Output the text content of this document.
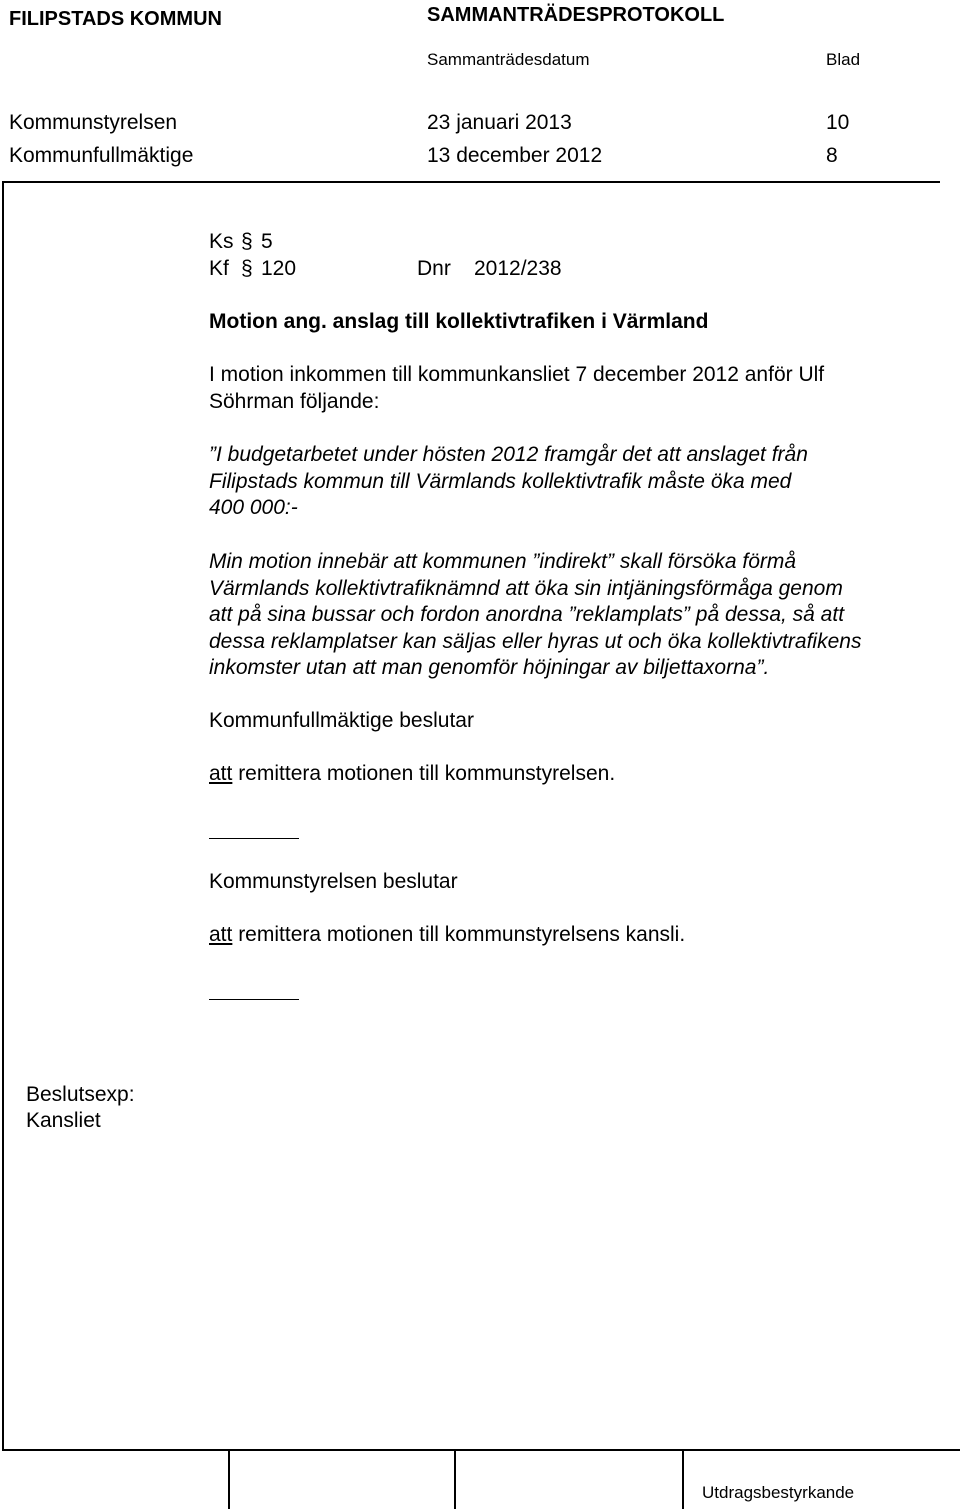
FILIPSTADS KOMMUN	SAMMANTRÄDESPROTOKOLL
Sammanträdesdatum	Blad
Kommunstyrelsen	23 januari 2013	10
Kommunfullmäktige	13 december 2012	8
Ks § 5
Kf § 120	Dnr 2012/238
Motion ang. anslag till kollektivtrafiken i Värmland
I motion inkommen till kommunkansliet 7 december 2012 anför Ulf
Söhrman följande:
”I budgetarbetet under hösten 2012 framgår det att anslaget från
Filipstads kommun till Värmlands kollektivtrafik måste öka med
400 000:-
Min motion innebär att kommunen ”indirekt” skall försöka förmå
Värmlands kollektivtrafiknämnd att öka sin intjäningsförmåga genom
att på sina bussar och fordon anordna ”reklamplats” på dessa, så att
dessa reklamplatser kan säljas eller hyras ut och öka kollektivtrafikens
inkomster utan att man genomför höjningar av biljettaxorna”.
Kommunfullmäktige beslutar
att remittera motionen till kommunstyrelsen.
Kommunstyrelsen beslutar
att remittera motionen till kommunstyrelsens kansli.
Beslutsexp:
Kansliet
Utdragsbestyrkande
